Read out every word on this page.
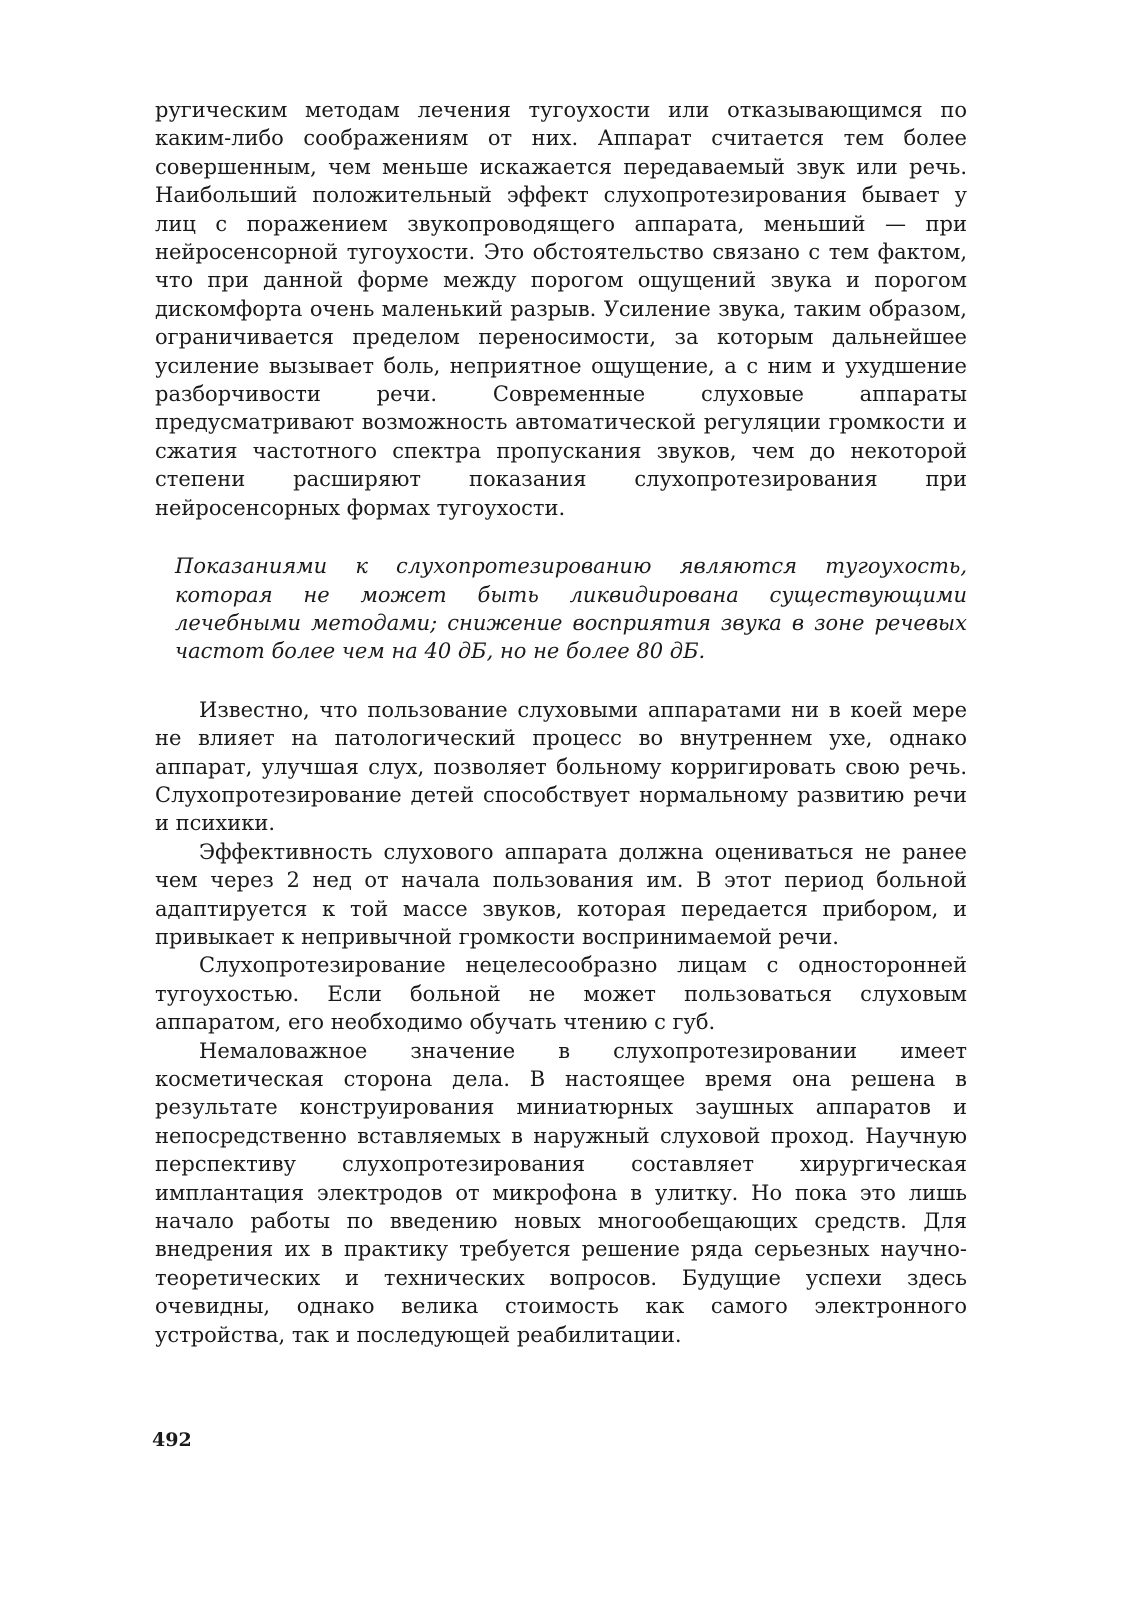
ругическим методам лечения тугоухости или отказывающимся по каким-либо соображениям от них. Аппарат считается тем более совершенным, чем меньше искажается передаваемый звук или речь. Наибольший положительный эффект слухопротезирования бывает у лиц с поражением звукопроводящего аппарата, меньший — при нейросенсорной тугоухости. Это обстоятельство связано с тем фактом, что при данной форме между порогом ощущений звука и порогом дискомфорта очень маленький разрыв. Усиление звука, таким образом, ограничивается пределом переносимости, за которым дальнейшее усиление вызывает боль, неприятное ощущение, а с ним и ухудшение разборчивости речи. Современные слуховые аппараты предусматривают возможность автоматической регуляции громкости и сжатия частотного спектра пропускания звуков, чем до некоторой степени расширяют показания слухопротезирования при нейросенсорных формах тугоухости.

Показаниями к слухопротезированию являются тугоухость, которая не может быть ликвидирована существующими лечебными методами; снижение восприятия звука в зоне речевых частот более чем на 40 дБ, но не более 80 дБ.

Известно, что пользование слуховыми аппаратами ни в коей мере не влияет на патологический процесс во внутреннем ухе, однако аппарат, улучшая слух, позволяет больному корригировать свою речь. Слухопротезирование детей способствует нормальному развитию речи и психики.

Эффективность слухового аппарата должна оцениваться не ранее чем через 2 нед от начала пользования им. В этот период больной адаптируется к той массе звуков, которая передается прибором, и привыкает к непривычной громкости воспринимаемой речи.

Слухопротезирование нецелесообразно лицам с односторонней тугоухостью. Если больной не может пользоваться слуховым аппаратом, его необходимо обучать чтению с губ.

Немаловажное значение в слухопротезировании имеет косметическая сторона дела. В настоящее время она решена в результате конструирования миниатюрных заушных аппаратов и непосредственно вставляемых в наружный слуховой проход. Научную перспективу слухопротезирования составляет хирургическая имплантация электродов от микрофона в улитку. Но пока это лишь начало работы по введению новых многообещающих средств. Для внедрения их в практику требуется решение ряда серьезных научно-теоретических и технических вопросов. Будущие успехи здесь очевидны, однако велика стоимость как самого электронного устройства, так и последующей реабилитации.

492
